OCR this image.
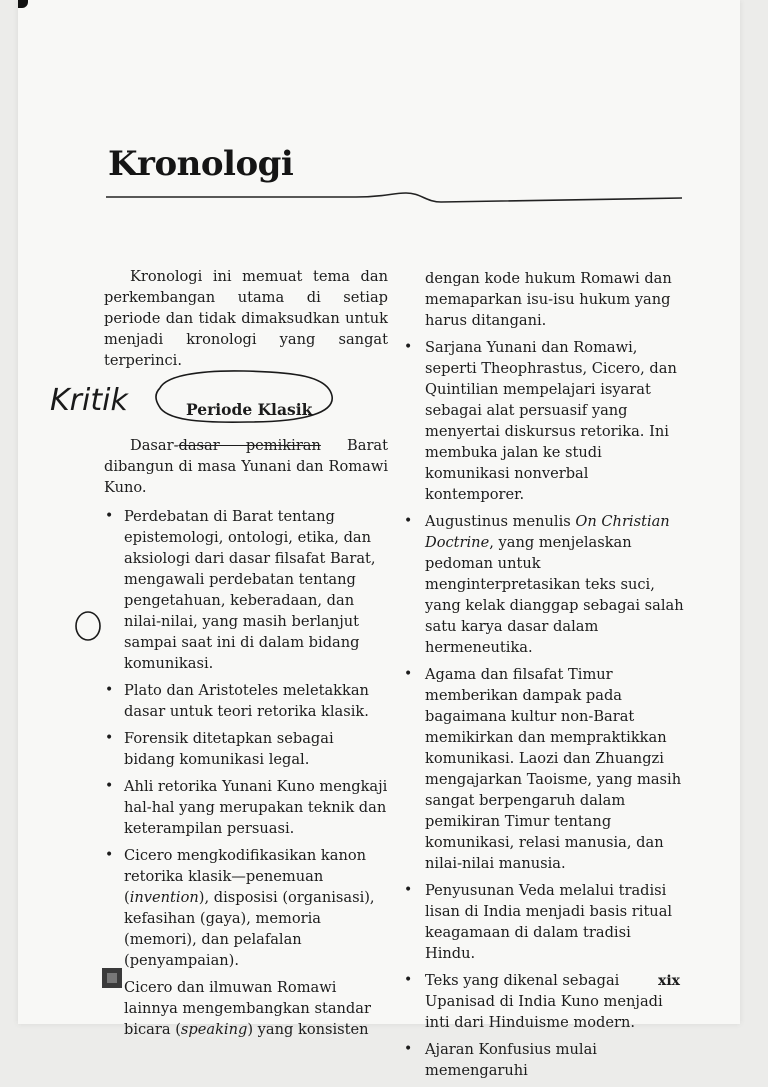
Kronologi

Kronologi ini memuat tema dan perkembangan utama di setiap periode dan tidak dimaksudkan untuk menjadi kronologi yang sangat terperinci.

Periode Klasik

Dasar-dasar pemikiran Barat dibangun di masa Yunani dan Romawi Kuno.

• Perdebatan di Barat tentang epistemologi, ontologi, etika, dan aksiologi dari dasar filsafat Barat, mengawali perdebatan tentang pengetahuan, keberadaan, dan nilai-nilai, yang masih berlanjut sampai saat ini di dalam bidang komunikasi.
• Plato dan Aristoteles meletakkan dasar untuk teori retorika klasik.
• Forensik ditetapkan sebagai bidang komunikasi legal.
• Ahli retorika Yunani Kuno mengkaji hal-hal yang merupakan teknik dan keterampilan persuasi.
• Cicero mengkodifikasikan kanon retorika klasik—penemuan (invention), disposisi (organisasi), kefasihan (gaya), memoria (memori), dan pelafalan (penyampaian).
• Cicero dan ilmuwan Romawi lainnya mengembangkan standar bicara (speaking) yang konsisten

dengan kode hukum Romawi dan memaparkan isu-isu hukum yang harus ditangani.

• Sarjana Yunani dan Romawi, seperti Theophrastus, Cicero, dan Quintilian mempelajari isyarat sebagai alat persuasif yang menyertai diskursus retorika. Ini membuka jalan ke studi komunikasi nonverbal kontemporer.
• Augustinus menulis On Christian Doctrine, yang menjelaskan pedoman untuk menginterpretasikan teks suci, yang kelak dianggap sebagai salah satu karya dasar dalam hermeneutika.
• Agama dan filsafat Timur memberikan dampak pada bagaimana kultur non-Barat memikirkan dan mempraktikkan komunikasi. Laozi dan Zhuangzi mengajarkan Taoisme, yang masih sangat berpengaruh dalam pemikiran Timur tentang komunikasi, relasi manusia, dan nilai-nilai manusia.
• Penyusunan Veda melalui tradisi lisan di India menjadi basis ritual keagamaan di dalam tradisi Hindu.
• Teks yang dikenal sebagai Upanisad di India Kuno menjadi inti dari Hinduisme modern.
• Ajaran Konfusius mulai memengaruhi
Kritik
xix
